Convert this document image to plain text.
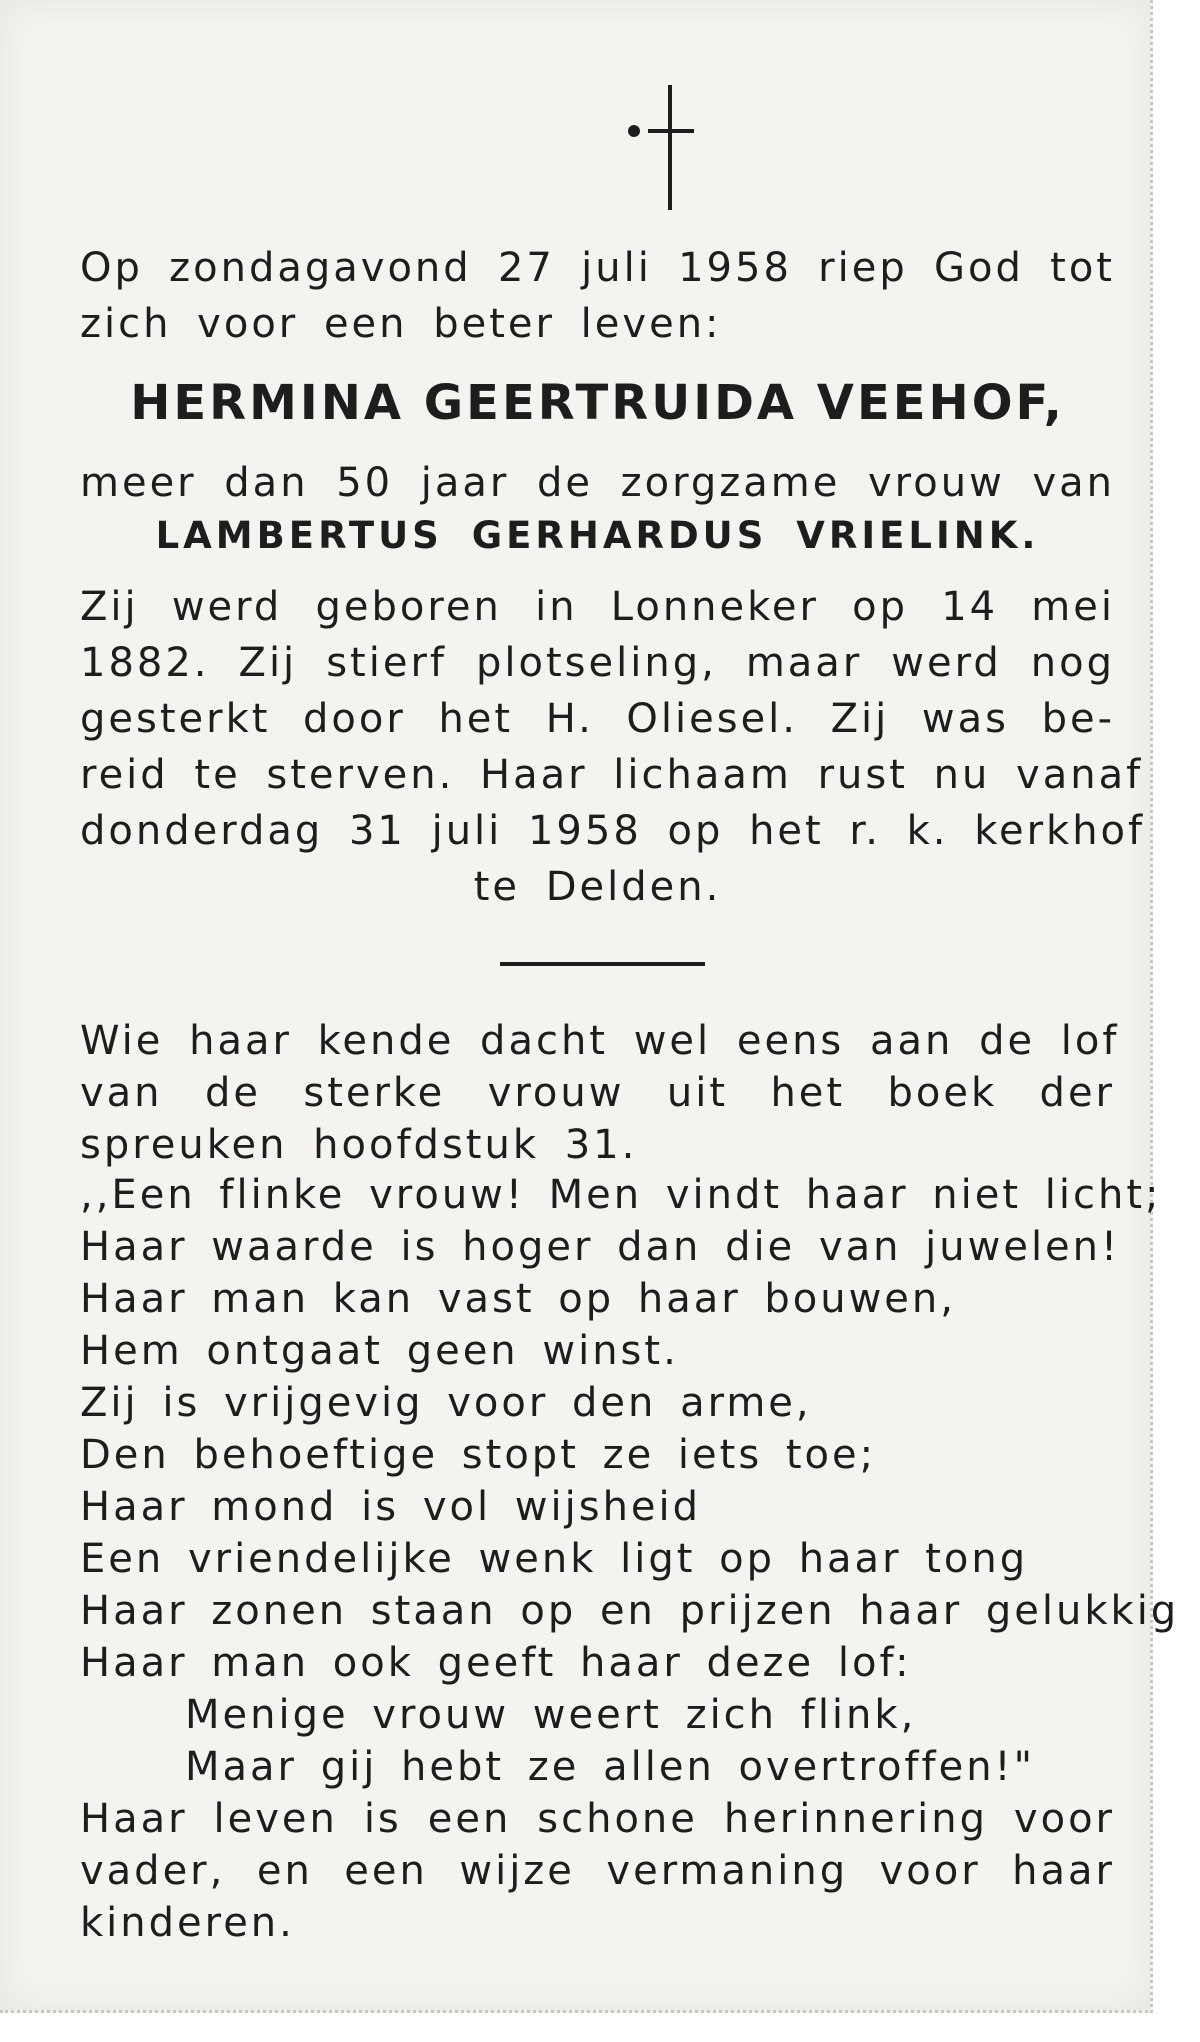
Op zondagavond 27 juli 1958 riep God tot

zich voor een beter leven:

HERMINA GEERTRUIDA VEEHOF,

meer dan 50 jaar de zorgzame vrouw van

LAMBERTUS GERHARDUS VRIELINK.

Zij werd geboren in Lonneker op 14 mei

1882. Zij stierf plotseling, maar werd nog

gesterkt door het H. Oliesel. Zij was be-

reid te sterven. Haar lichaam rust nu vanaf

donderdag 31 juli 1958 op het r. k. kerkhof

te Delden.

Wie haar kende dacht wel eens aan de lof

van de sterke vrouw uit het boek der

spreuken hoofdstuk 31.

,,Een flinke vrouw! Men vindt haar niet licht;

Haar waarde is hoger dan die van juwelen!

Haar man kan vast op haar bouwen,

Hem ontgaat geen winst.

Zij is vrijgevig voor den arme,

Den behoeftige stopt ze iets toe;

Haar mond is vol wijsheid

Een vriendelijke wenk ligt op haar tong

Haar zonen staan op en prijzen haar gelukkig

Haar man ook geeft haar deze lof:

Menige vrouw weert zich flink,

Maar gij hebt ze allen overtroffen!"

Haar leven is een schone herinnering voor

vader, en een wijze vermaning voor haar

kinderen.
